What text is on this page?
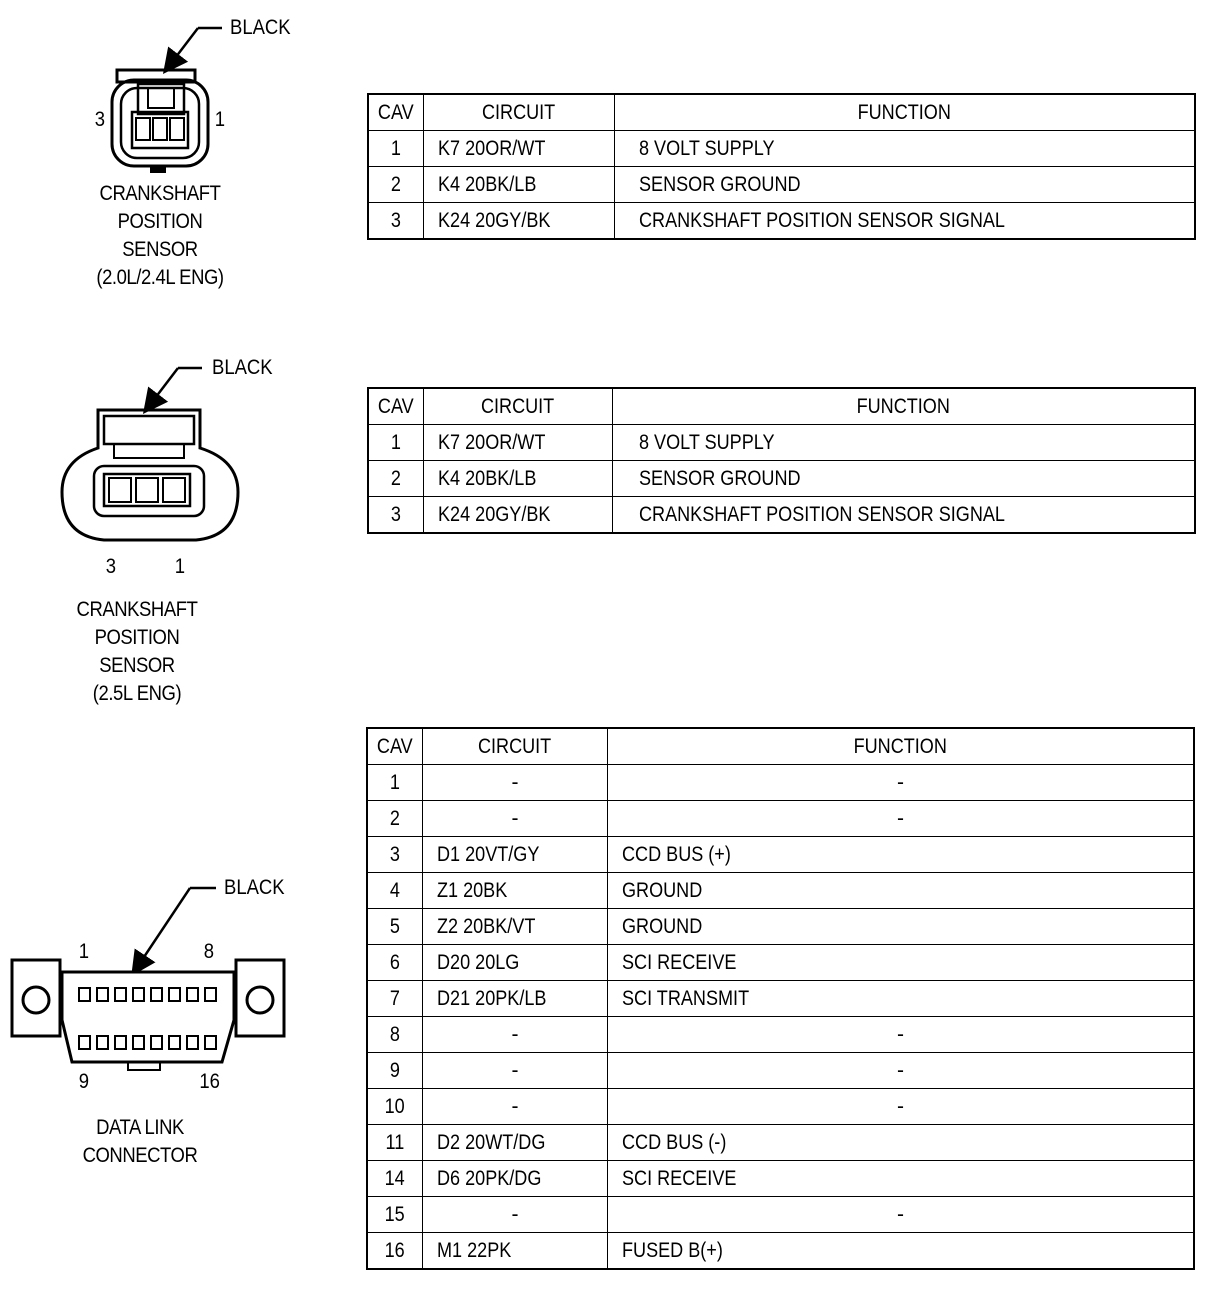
BLACK
3	1
CRANKSHAFT
POSITION
SENSOR
(2.0L/2.4L ENG)
CAV	CIRCUIT	FUNCTION
1	K7 20OR/WT	8 VOLT SUPPLY
2	K4 20BK/LB	SENSOR GROUND
3	K24 20GY/BK	CRANKSHAFT POSITION SENSOR SIGNAL
BLACK
3	1
CRANKSHAFT
POSITION
SENSOR
(2.5L ENG)
CAV	CIRCUIT	FUNCTION
1	K7 20OR/WT	8 VOLT SUPPLY
2	K4 20BK/LB	SENSOR GROUND
3	K24 20GY/BK	CRANKSHAFT POSITION SENSOR SIGNAL
BLACK
1	8
9	16
DATA LINK
CONNECTOR
CAV	CIRCUIT	FUNCTION
1	-	-
2	-	-
3	D1 20VT/GY	CCD BUS (+)
4	Z1 20BK	GROUND
5	Z2 20BK/VT	GROUND
6	D20 20LG	SCI RECEIVE
7	D21 20PK/LB	SCI TRANSMIT
8	-	-
9	-	-
10	-	-
11	D2 20WT/DG	CCD BUS (-)
14	D6 20PK/DG	SCI RECEIVE
15	-	-
16	M1 22PK	FUSED B(+)
